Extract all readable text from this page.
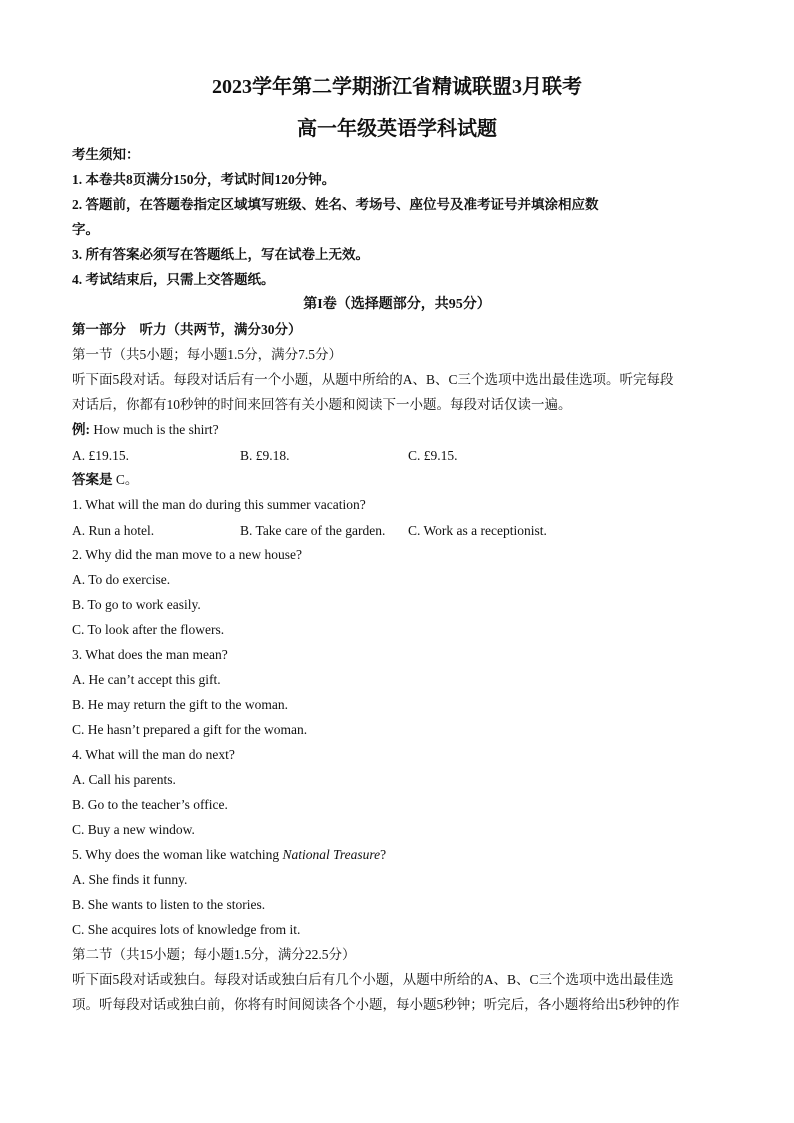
2023学年第二学期浙江省精诚联盟3月联考
高一年级英语学科试题
考生须知：
1. 本卷共8页满分150分，考试时间120分钟。
2. 答题前，在答题卷指定区域填写班级、姓名、考场号、座位号及准考证号并填涂相应数
字。
3. 所有答案必须写在答题纸上，写在试卷上无效。
4. 考试结束后，只需上交答题纸。
第I卷（选择题部分，共95分）
第一部分    听力（共两节，满分30分）
第一节（共5小题；每小题1.5分，满分7.5分）
听下面5段对话。每段对话后有一个小题，从题中所给的A、B、C三个选项中选出最佳选项。听完每段
对话后，你都有10秒钟的时间来回答有关小题和阅读下一小题。每段对话仅读一遍。
例: How much is the shirt?
A. £19.15.	B. £9.18.	C. £9.15.
答案是 C。
1. What will the man do during this summer vacation?
A. Run a hotel.	B. Take care of the garden. C. Work as a receptionist.
2. Why did the man move to a new house?
A. To do exercise.
B. To go to work easily.
C. To look after the flowers.
3. What does the man mean?
A. He can’t accept this gift.
B. He may return the gift to the woman.
C. He hasn’t prepared a gift for the woman.
4. What will the man do next?
A. Call his parents.
B. Go to the teacher’s office.
C. Buy a new window.
5. Why does the woman like watching National Treasure?
A. She finds it funny.
B. She wants to listen to the stories.
C. She acquires lots of knowledge from it.
第二节（共15小题；每小题1.5分，满分22.5分）
听下面5段对话或独白。每段对话或独白后有几个小题，从题中所给的A、B、C三个选项中选出最佳选
项。听每段对话或独白前，你将有时间阅读各个小题，每小题5秒钟；听完后，各小题将给出5秒钟的作
